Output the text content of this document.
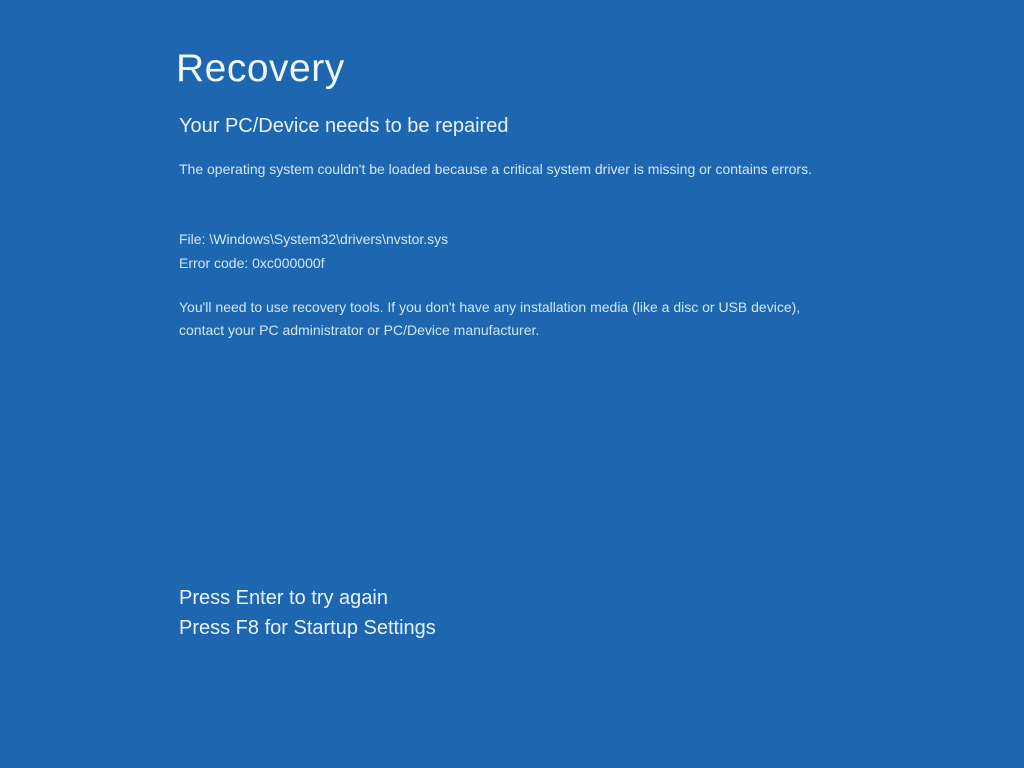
Recovery
Your PC/Device needs to be repaired

The operating system couldn't be loaded because a critical system driver is missing or contains errors.

File: \Windows\System32\drivers\nvstor.sys

Error code: 0xc000000f

You'll need to use recovery tools. If you don't have any installation media (like a disc or USB device), contact your PC administrator or PC/Device manufacturer.

Press Enter to try again

Press F8 for Startup Settings
